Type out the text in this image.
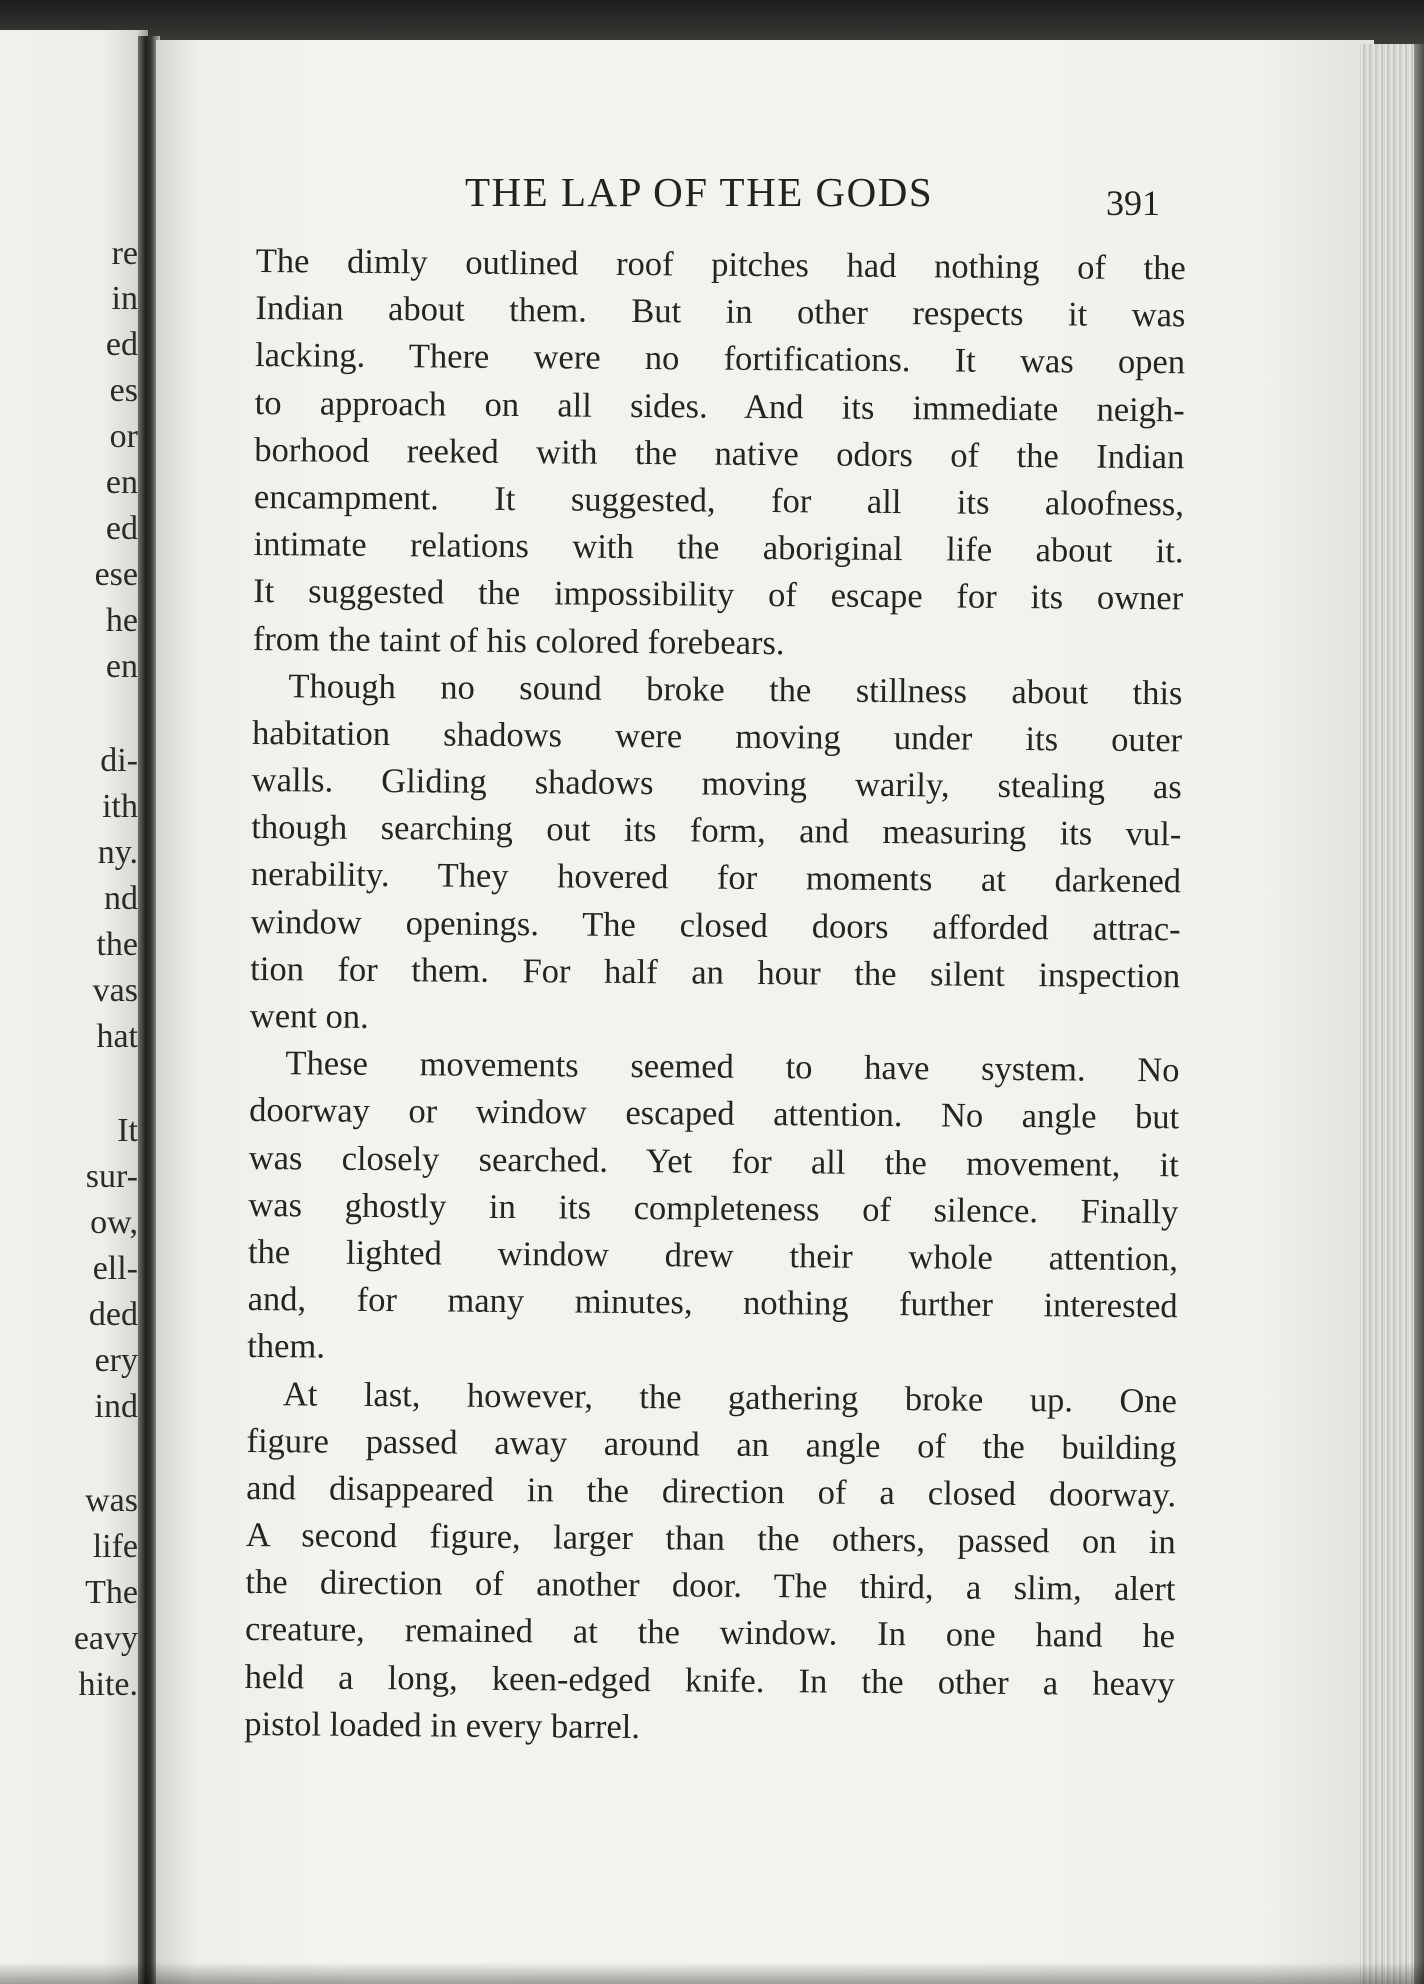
re
in
ed
es
or
en
ed
ese
he
en
di-
ith
ny.
nd
the
vas
hat
It
sur-
ow,
ell-
ded
ery
ind
was
life
The
eavy
hite.
THE LAP OF THE GODS	391
The dimly outlined roof pitches had nothing of the
Indian about them. But in other respects it was
lacking. There were no fortifications. It was open
to approach on all sides. And its immediate neigh-
borhood reeked with the native odors of the Indian
encampment. It suggested, for all its aloofness,
intimate relations with the aboriginal life about it.
It suggested the impossibility of escape for its owner
from the taint of his colored forebears.
Though no sound broke the stillness about this
habitation shadows were moving under its outer
walls. Gliding shadows moving warily, stealing as
though searching out its form, and measuring its vul-
nerability. They hovered for moments at darkened
window openings. The closed doors afforded attrac-
tion for them. For half an hour the silent inspection
went on.
These movements seemed to have system. No
doorway or window escaped attention. No angle but
was closely searched. Yet for all the movement, it
was ghostly in its completeness of silence. Finally
the lighted window drew their whole attention,
and, for many minutes, nothing further interested
them.
At last, however, the gathering broke up. One
figure passed away around an angle of the building
and disappeared in the direction of a closed doorway.
A second figure, larger than the others, passed on in
the direction of another door. The third, a slim, alert
creature, remained at the window. In one hand he
held a long, keen-edged knife. In the other a heavy
pistol loaded in every barrel.
